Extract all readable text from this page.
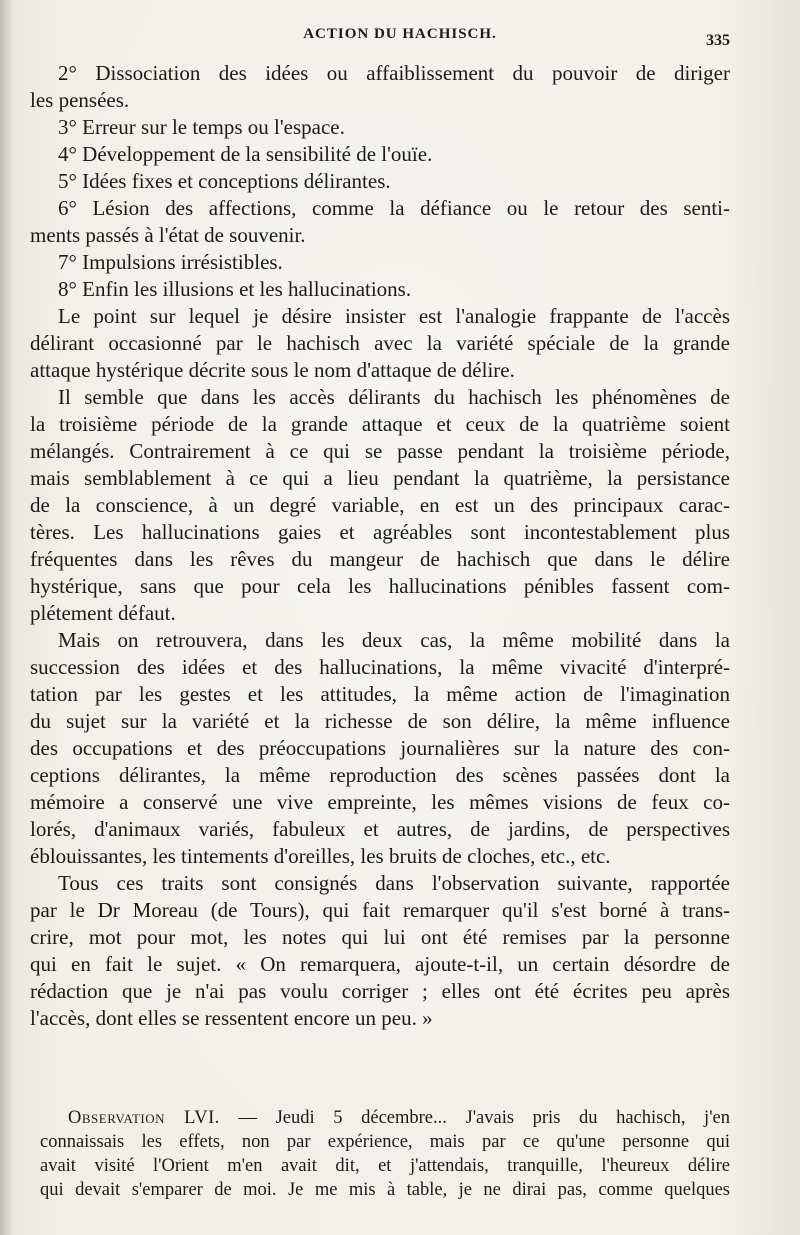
ACTION DU HACHISCH.	335
2° Dissociation des idées ou affaiblissement du pouvoir de diriger
les pensées.
3° Erreur sur le temps ou l'espace.
4° Développement de la sensibilité de l'ouïe.
5° Idées fixes et conceptions délirantes.
6° Lésion des affections, comme la défiance ou le retour des senti-
ments passés à l'état de souvenir.
7° Impulsions irrésistibles.
8° Enfin les illusions et les hallucinations.
Le point sur lequel je désire insister est l'analogie frappante de l'accès
délirant occasionné par le hachisch avec la variété spéciale de la grande
attaque hystérique décrite sous le nom d'attaque de délire.
Il semble que dans les accès délirants du hachisch les phénomènes de
la troisième période de la grande attaque et ceux de la quatrième soient
mélangés. Contrairement à ce qui se passe pendant la troisième période,
mais semblablement à ce qui a lieu pendant la quatrième, la persistance
de la conscience, à un degré variable, en est un des principaux carac-
tères. Les hallucinations gaies et agréables sont incontestablement plus
fréquentes dans les rêves du mangeur de hachisch que dans le délire
hystérique, sans que pour cela les hallucinations pénibles fassent com-
plétement défaut.
Mais on retrouvera, dans les deux cas, la même mobilité dans la
succession des idées et des hallucinations, la même vivacité d'interpré-
tation par les gestes et les attitudes, la même action de l'imagination
du sujet sur la variété et la richesse de son délire, la même influence
des occupations et des préoccupations journalières sur la nature des con-
ceptions délirantes, la même reproduction des scènes passées dont la
mémoire a conservé une vive empreinte, les mêmes visions de feux co-
lorés, d'animaux variés, fabuleux et autres, de jardins, de perspectives
éblouissantes, les tintements d'oreilles, les bruits de cloches, etc., etc.
Tous ces traits sont consignés dans l'observation suivante, rapportée
par le Dr Moreau (de Tours), qui fait remarquer qu'il s'est borné à trans-
crire, mot pour mot, les notes qui lui ont été remises par la personne
qui en fait le sujet. « On remarquera, ajoute-t-il, un certain désordre de
rédaction que je n'ai pas voulu corriger ; elles ont été écrites peu après
l'accès, dont elles se ressentent encore un peu. »
Observation LVI. — Jeudi 5 décembre... J'avais pris du hachisch, j'en
connaissais les effets, non par expérience, mais par ce qu'une personne qui
avait visité l'Orient m'en avait dit, et j'attendais, tranquille, l'heureux délire
qui devait s'emparer de moi. Je me mis à table, je ne dirai pas, comme quelques
